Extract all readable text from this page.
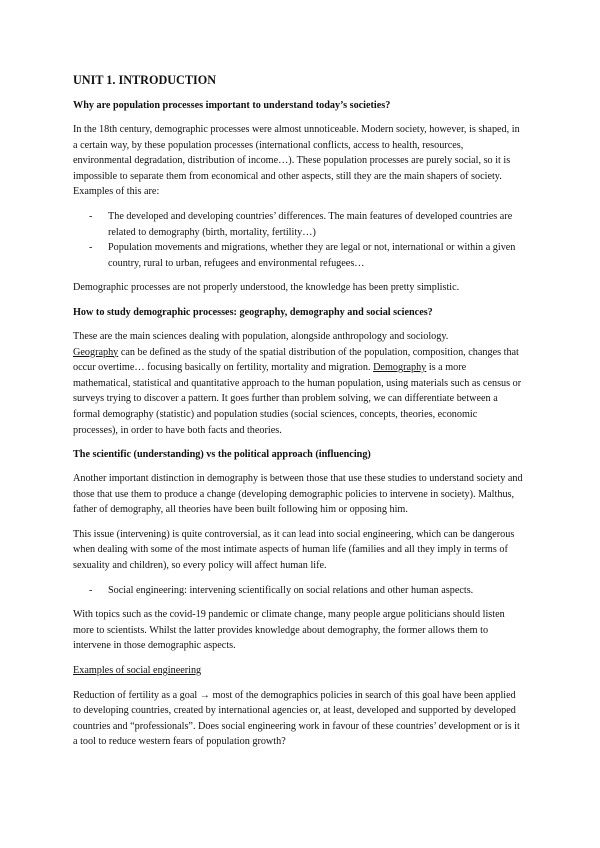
UNIT 1. INTRODUCTION
Why are population processes important to understand today’s societies?

In the 18th century, demographic processes were almost unnoticeable. Modern society, however, is shaped, in a certain way, by these population processes (international conflicts, access to health, resources, environmental degradation, distribution of income…). These population processes are purely social, so it is impossible to separate them from economical and other aspects, still they are the main shapers of society. Examples of this are:

- The developed and developing countries’ differences. The main features of developed countries are related to demography (birth, mortality, fertility…)
- Population movements and migrations, whether they are legal or not, international or within a given country, rural to urban, refugees and environmental refugees…

Demographic processes are not properly understood, the knowledge has been pretty simplistic.

How to study demographic processes: geography, demography and social sciences?

These are the main sciences dealing with population, alongside anthropology and sociology.
Geography can be defined as the study of the spatial distribution of the population, composition, changes that occur overtime… focusing basically on fertility, mortality and migration. Demography is a more mathematical, statistical and quantitative approach to the human population, using materials such as census or surveys trying to discover a pattern. It goes further than problem solving, we can differentiate between a formal demography (statistic) and population studies (social sciences, concepts, theories, economic processes), in order to have both facts and theories.

The scientific (understanding) vs the political approach (influencing)

Another important distinction in demography is between those that use these studies to understand society and those that use them to produce a change (developing demographic policies to intervene in society). Malthus, father of demography, all theories have been built following him or opposing him.

This issue (intervening) is quite controversial, as it can lead into social engineering, which can be dangerous when dealing with some of the most intimate aspects of human life (families and all they imply in terms of sexuality and children), so every policy will affect human life.

- Social engineering: intervening scientifically on social relations and other human aspects.

With topics such as the covid-19 pandemic or climate change, many people argue politicians should listen more to scientists. Whilst the latter provides knowledge about demography, the former allows them to intervene in those demographic aspects.

Examples of social engineering

Reduction of fertility as a goal → most of the demographics policies in search of this goal have been applied to developing countries, created by international agencies or, at least, developed and supported by developed countries and “professionals”. Does social engineering work in favour of these countries’ development or is it a tool to reduce western fears of population growth?
